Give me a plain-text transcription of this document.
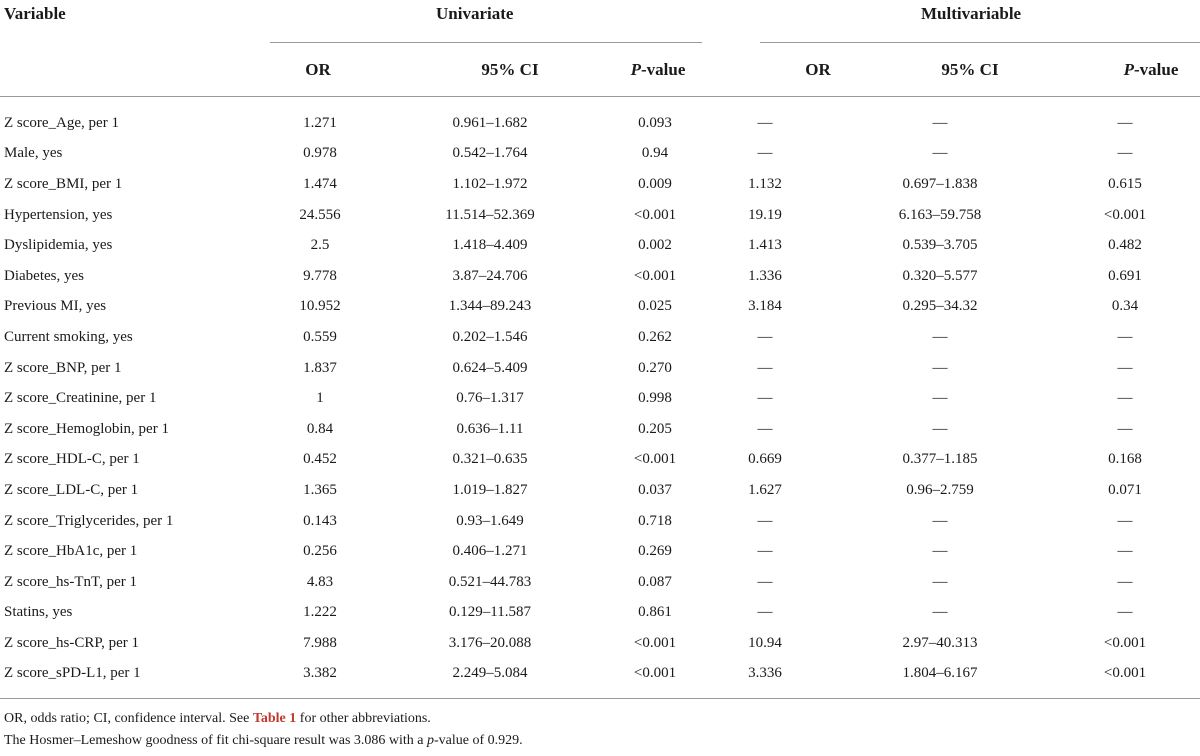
Variable	Univariate	Multivariable
OR	95% CI	P-value	OR	95% CI	P-value
Z score_Age, per 1	1.271	0.961–1.682	0.093	—	—	—
Male, yes	0.978	0.542–1.764	0.94	—	—	—
Z score_BMI, per 1	1.474	1.102–1.972	0.009	1.132	0.697–1.838	0.615
Hypertension, yes	24.556	11.514–52.369	<0.001	19.19	6.163–59.758	<0.001
Dyslipidemia, yes	2.5	1.418–4.409	0.002	1.413	0.539–3.705	0.482
Diabetes, yes	9.778	3.87–24.706	<0.001	1.336	0.320–5.577	0.691
Previous MI, yes	10.952	1.344–89.243	0.025	3.184	0.295–34.32	0.34
Current smoking, yes	0.559	0.202–1.546	0.262	—	—	—
Z score_BNP, per 1	1.837	0.624–5.409	0.270	—	—	—
Z score_Creatinine, per 1	1	0.76–1.317	0.998	—	—	—
Z score_Hemoglobin, per 1	0.84	0.636–1.11	0.205	—	—	—
Z score_HDL-C, per 1	0.452	0.321–0.635	<0.001	0.669	0.377–1.185	0.168
Z score_LDL-C, per 1	1.365	1.019–1.827	0.037	1.627	0.96–2.759	0.071
Z score_Triglycerides, per 1	0.143	0.93–1.649	0.718	—	—	—
Z score_HbA1c, per 1	0.256	0.406–1.271	0.269	—	—	—
Z score_hs-TnT, per 1	4.83	0.521–44.783	0.087	—	—	—
Statins, yes	1.222	0.129–11.587	0.861	—	—	—
Z score_hs-CRP, per 1	7.988	3.176–20.088	<0.001	10.94	2.97–40.313	<0.001
Z score_sPD-L1, per 1	3.382	2.249–5.084	<0.001	3.336	1.804–6.167	<0.001
OR, odds ratio; CI, confidence interval. See Table 1 for other abbreviations.
The Hosmer–Lemeshow goodness of fit chi-square result was 3.086 with a p-value of 0.929.
